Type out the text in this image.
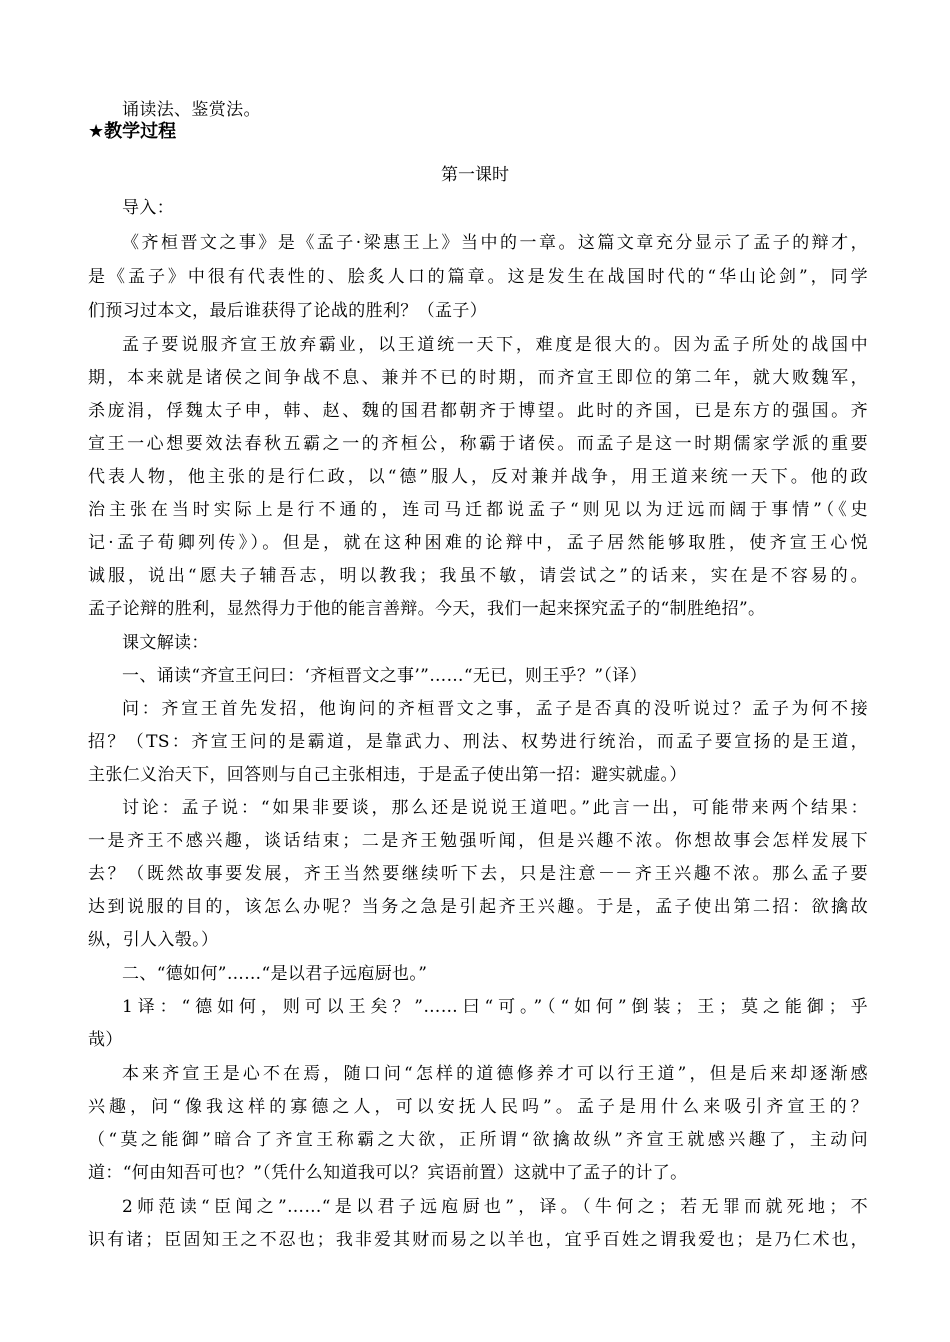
诵读法、鉴赏法。
★教学过程
第一课时
导入：
《齐桓晋文之事》是《孟子·梁惠王上》当中的一章。这篇文章充分显示了孟子的辩才，
是《孟子》中很有代表性的、脍炙人口的篇章。这是发生在战国时代的“华山论剑”，同学
们预习过本文，最后谁获得了论战的胜利？（孟子）
孟子要说服齐宣王放弃霸业，以王道统一天下，难度是很大的。因为孟子所处的战国中
期，本来就是诸侯之间争战不息、兼并不已的时期，而齐宣王即位的第二年，就大败魏军，
杀庞涓，俘魏太子申，韩、赵、魏的国君都朝齐于博望。此时的齐国，已是东方的强国。齐
宣王一心想要效法春秋五霸之一的齐桓公，称霸于诸侯。而孟子是这一时期儒家学派的重要
代表人物，他主张的是行仁政，以“德”服人，反对兼并战争，用王道来统一天下。他的政
治主张在当时实际上是行不通的，连司马迁都说孟子“则见以为迂远而阔于事情”（《史
记·孟子荀卿列传》）。但是，就在这种困难的论辩中，孟子居然能够取胜，使齐宣王心悦
诚服，说出“愿夫子辅吾志，明以教我；我虽不敏，请尝试之”的话来，实在是不容易的。
孟子论辩的胜利，显然得力于他的能言善辩。今天，我们一起来探究孟子的“制胜绝招”。
课文解读：
一、诵读“齐宣王问曰：‘齐桓晋文之事’”……“无已，则王乎？”（译）
问：齐宣王首先发招，他询问的齐桓晋文之事，孟子是否真的没听说过？孟子为何不接
招？（TS：齐宣王问的是霸道，是靠武力、刑法、权势进行统治，而孟子要宣扬的是王道，
主张仁义治天下，回答则与自己主张相违，于是孟子使出第一招：避实就虚。）
讨论：孟子说：“如果非要谈，那么还是说说王道吧。”此言一出，可能带来两个结果：
一是齐王不感兴趣，谈话结束；二是齐王勉强听闻，但是兴趣不浓。你想故事会怎样发展下
去？（既然故事要发展，齐王当然要继续听下去，只是注意－－齐王兴趣不浓。那么孟子要
达到说服的目的，该怎么办呢？当务之急是引起齐王兴趣。于是，孟子使出第二招：欲擒故
纵，引人入彀。）
二、“德如何”……“是以君子远庖厨也。”
1译：“德如何，则可以王矣？”……曰“可。”（“如何”倒装；王；莫之能御；乎
哉）
本来齐宣王是心不在焉，随口问“怎样的道德修养才可以行王道”，但是后来却逐渐感
兴趣，问“像我这样的寡德之人，可以安抚人民吗”。孟子是用什么来吸引齐宣王的？
（“莫之能御”暗合了齐宣王称霸之大欲，正所谓“欲擒故纵”齐宣王就感兴趣了，主动问
道：“何由知吾可也？”（凭什么知道我可以？宾语前置）这就中了孟子的计了。
2师范读“臣闻之”……“是以君子远庖厨也”，译。（牛何之；若无罪而就死地；不
识有诸；臣固知王之不忍也；我非爱其财而易之以羊也，宜乎百姓之谓我爱也；是乃仁术也，
